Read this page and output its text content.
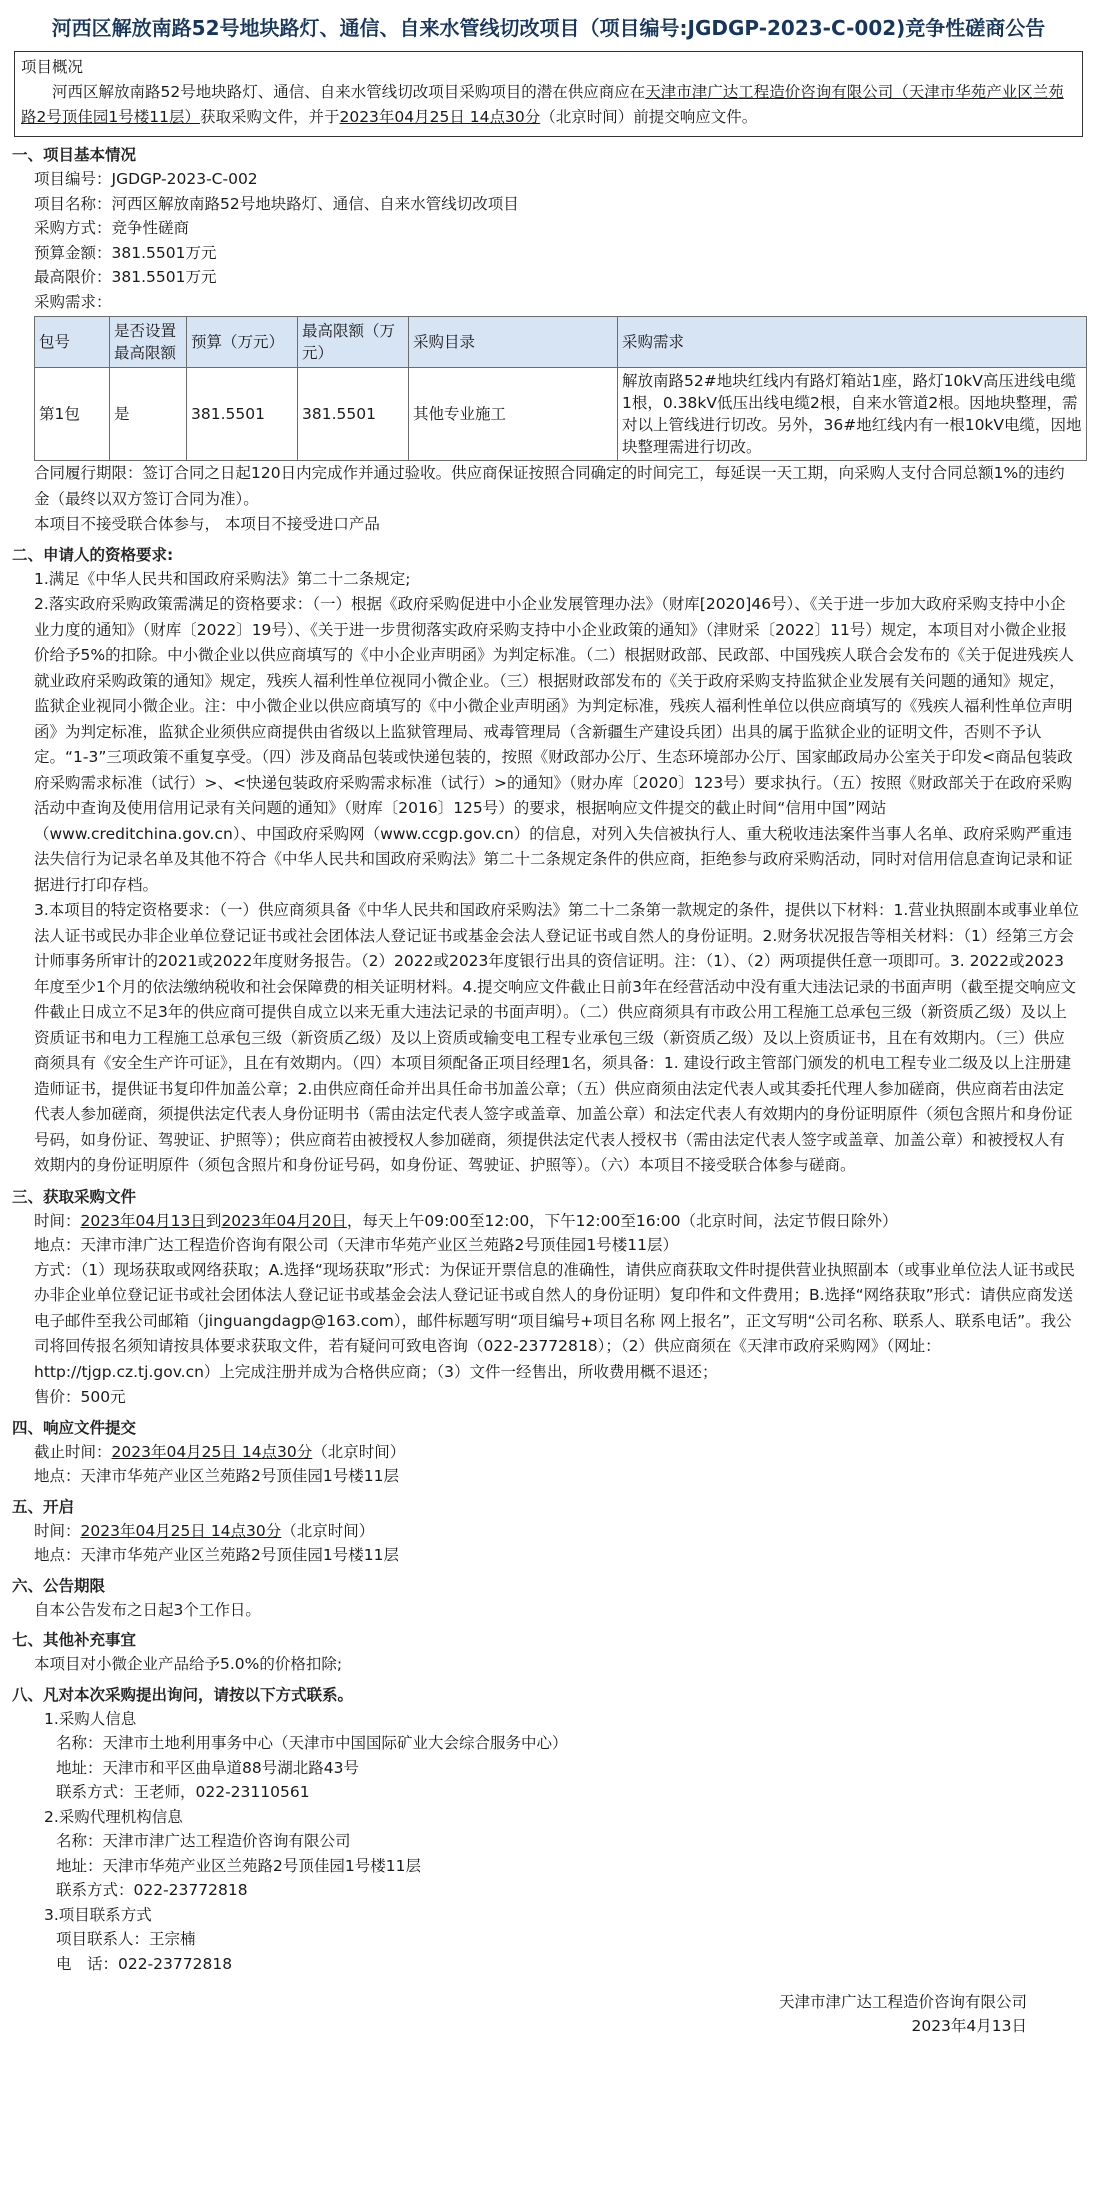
河西区解放南路52号地块路灯、通信、自来水管线切改项目（项目编号:JGDGP-2023-C-002)竞争性磋商公告
项目概况
河西区解放南路52号地块路灯、通信、自来水管线切改项目采购项目的潜在供应商应在天津市津广达工程造价咨询有限公司（天津市华苑产业区兰苑路2号顶佳园1号楼11层）获取采购文件，并于2023年04月25日 14点30分（北京时间）前提交响应文件。
一、项目基本情况
项目编号：JGDGP-2023-C-002
项目名称：河西区解放南路52号地块路灯、通信、自来水管线切改项目
采购方式：竞争性磋商
预算金额：381.5501万元
最高限价：381.5501万元
采购需求：
包号	是否设置最高限额	预算（万元）	最高限额（万元）	采购目录	采购需求
第1包	是	381.5501	381.5501	其他专业施工	解放南路52#地块红线内有路灯箱站1座，路灯10kV高压进线电缆1根，0.38kV低压出线电缆2根，自来水管道2根。因地块整理，需对以上管线进行切改。另外，36#地红线内有一根10kV电缆，因地块整理需进行切改。
合同履行期限：签订合同之日起120日内完成作并通过验收。供应商保证按照合同确定的时间完工，每延误一天工期，向采购人支付合同总额1%的违约金（最终以双方签订合同为准）。
本项目不接受联合体参与， 本项目不接受进口产品
二、申请人的资格要求:
1.满足《中华人民共和国政府采购法》第二十二条规定;
2.落实政府采购政策需满足的资格要求：（一）根据《政府采购促进中小企业发展管理办法》（财库[2020]46号）、《关于进一步加大政府采购支持中小企业力度的通知》（财库〔2022〕19号）、《关于进一步贯彻落实政府采购支持中小企业政策的通知》（津财采〔2022〕11号）规定，本项目对小微企业报价给予5%的扣除。中小微企业以供应商填写的《中小企业声明函》为判定标准。（二）根据财政部、民政部、中国残疾人联合会发布的《关于促进残疾人就业政府采购政策的通知》规定，残疾人福利性单位视同小微企业。（三）根据财政部发布的《关于政府采购支持监狱企业发展有关问题的通知》规定，监狱企业视同小微企业。注：中小微企业以供应商填写的《中小微企业声明函》为判定标准，残疾人福利性单位以供应商填写的《残疾人福利性单位声明函》为判定标准，监狱企业须供应商提供由省级以上监狱管理局、戒毒管理局（含新疆生产建设兵团）出具的属于监狱企业的证明文件，否则不予认定。“1-3”三项政策不重复享受。（四）涉及商品包装或快递包装的，按照《财政部办公厅、生态环境部办公厅、国家邮政局办公室关于印发<商品包装政府采购需求标准（试行）>、<快递包装政府采购需求标准（试行）>的通知》（财办库〔2020〕123号）要求执行。（五）按照《财政部关于在政府采购活动中查询及使用信用记录有关问题的通知》（财库〔2016〕125号）的要求，根据响应文件提交的截止时间“信用中国”网站（www.creditchina.gov.cn）、中国政府采购网（www.ccgp.gov.cn）的信息，对列入失信被执行人、重大税收违法案件当事人名单、政府采购严重违法失信行为记录名单及其他不符合《中华人民共和国政府采购法》第二十二条规定条件的供应商，拒绝参与政府采购活动，同时对信用信息查询记录和证据进行打印存档。
3.本项目的特定资格要求：（一）供应商须具备《中华人民共和国政府采购法》第二十二条第一款规定的条件，提供以下材料：1.营业执照副本或事业单位法人证书或民办非企业单位登记证书或社会团体法人登记证书或基金会法人登记证书或自然人的身份证明。2.财务状况报告等相关材料：（1）经第三方会计师事务所审计的2021或2022年度财务报告。（2）2022或2023年度银行出具的资信证明。注：（1）、（2）两项提供任意一项即可。3. 2022或2023年度至少1个月的依法缴纳税收和社会保障费的相关证明材料。4.提交响应文件截止日前3年在经营活动中没有重大违法记录的书面声明（截至提交响应文件截止日成立不足3年的供应商可提供自成立以来无重大违法记录的书面声明）。（二）供应商须具有市政公用工程施工总承包三级（新资质乙级）及以上资质证书和电力工程施工总承包三级（新资质乙级）及以上资质或输变电工程专业承包三级（新资质乙级）及以上资质证书，且在有效期内。（三）供应商须具有《安全生产许可证》，且在有效期内。（四）本项目须配备正项目经理1名，须具备：1. 建设行政主管部门颁发的机电工程专业二级及以上注册建造师证书，提供证书复印件加盖公章；2.由供应商任命并出具任命书加盖公章；（五）供应商须由法定代表人或其委托代理人参加磋商，供应商若由法定代表人参加磋商，须提供法定代表人身份证明书（需由法定代表人签字或盖章、加盖公章）和法定代表人有效期内的身份证明原件（须包含照片和身份证号码，如身份证、驾驶证、护照等）；供应商若由被授权人参加磋商，须提供法定代表人授权书（需由法定代表人签字或盖章、加盖公章）和被授权人有效期内的身份证明原件（须包含照片和身份证号码，如身份证、驾驶证、护照等）。（六）本项目不接受联合体参与磋商。
三、获取采购文件
时间：2023年04月13日到2023年04月20日，每天上午09:00至12:00，下午12:00至16:00（北京时间，法定节假日除外）
地点：天津市津广达工程造价咨询有限公司（天津市华苑产业区兰苑路2号顶佳园1号楼11层）
方式：（1）现场获取或网络获取；A.选择“现场获取”形式：为保证开票信息的准确性，请供应商获取文件时提供营业执照副本（或事业单位法人证书或民办非企业单位登记证书或社会团体法人登记证书或基金会法人登记证书或自然人的身份证明）复印件和文件费用；B.选择“网络获取”形式：请供应商发送电子邮件至我公司邮箱（jinguangdagp@163.com），邮件标题写明“项目编号+项目名称 网上报名”，正文写明“公司名称、联系人、联系电话”。我公司将回传报名须知请按具体要求获取文件，若有疑问可致电咨询（022-23772818）；（2）供应商须在《天津市政府采购网》（网址：http://tjgp.cz.tj.gov.cn）上完成注册并成为合格供应商；（3）文件一经售出，所收费用概不退还；
售价：500元
四、响应文件提交
截止时间：2023年04月25日 14点30分（北京时间）
地点：天津市华苑产业区兰苑路2号顶佳园1号楼11层
五、开启
时间：2023年04月25日 14点30分（北京时间）
地点：天津市华苑产业区兰苑路2号顶佳园1号楼11层
六、公告期限
自本公告发布之日起3个工作日。
七、其他补充事宜
本项目对小微企业产品给予5.0%的价格扣除;
八、凡对本次采购提出询问，请按以下方式联系。
1.采购人信息
名称：天津市土地利用事务中心（天津市中国国际矿业大会综合服务中心）
地址：天津市和平区曲阜道88号湖北路43号
联系方式：王老师，022-23110561
2.采购代理机构信息
名称：天津市津广达工程造价咨询有限公司
地址：天津市华苑产业区兰苑路2号顶佳园1号楼11层
联系方式：022-23772818
3.项目联系方式
项目联系人：王宗楠
电　话：022-23772818
天津市津广达工程造价咨询有限公司
2023年4月13日
